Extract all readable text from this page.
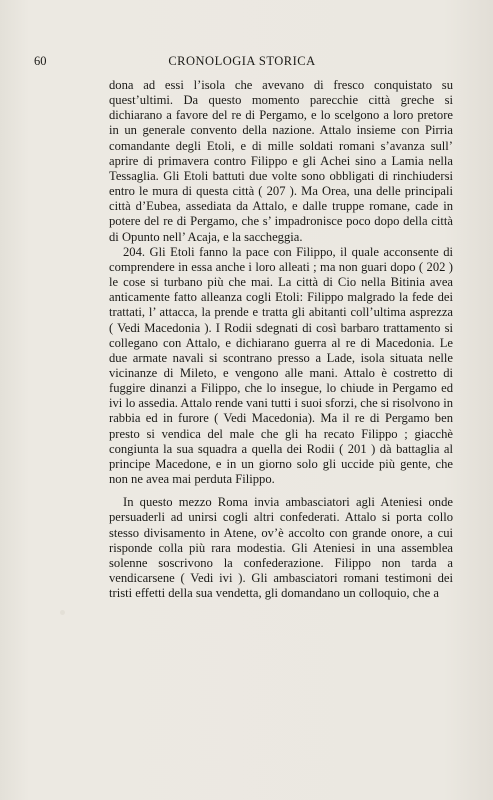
60	CRONOLOGIA STORICA

dona ad essi l’isola che avevano di fresco conquistato su quest’ultimi. Da questo momento parecchie città greche si dichiarano a favore del re di Pergamo, e lo scelgono a loro pretore in un generale convento della nazione. Attalo insieme con Pirria comandante degli Etoli, e di mille soldati romani s’avanza sull’ aprire di primavera contro Filippo e gli Achei sino a Lamia nella Tessaglia. Gli Etoli battuti due volte sono obbligati di rinchiudersi entro le mura di questa città ( 207 ). Ma Orea, una delle principali città d’Eubea, assediata da Attalo, e dalle truppe romane, cade in potere del re di Pergamo, che s’ impadronisce poco dopo della città di Opunto nell’ Acaja, e la saccheggia.

204. Gli Etoli fanno la pace con Filippo, il quale acconsente di comprendere in essa anche i loro alleati ; ma non guari dopo ( 202 ) le cose si turbano più che mai. La città di Cio nella Bitinia avea anticamente fatto alleanza cogli Etoli: Filippo malgrado la fede dei trattati, l’ attacca, la prende e tratta gli abitanti coll’ultima asprezza ( Vedi Macedonia ). I Rodii sdegnati di così barbaro trattamento si collegano con Attalo, e dichiarano guerra al re di Macedonia. Le due armate navali si scontrano presso a Lade, isola situata nelle vicinanze di Mileto, e vengono alle mani. Attalo è costretto di fuggire dinanzi a Filippo, che lo insegue, lo chiude in Pergamo ed ivi lo assedia. Attalo rende vani tutti i suoi sforzi, che si risolvono in rabbia ed in furore ( Vedi Macedonia). Ma il re di Pergamo ben presto si vendica del male che gli ha recato Filippo ; giacchè congiunta la sua squadra a quella dei Rodii ( 201 ) dà battaglia al principe Macedone, e in un giorno solo gli uccide più gente, che non ne avea mai perduta Filippo.

In questo mezzo Roma invia ambasciatori agli Ateniesi onde persuaderli ad unirsi cogli altri confederati. Attalo si porta collo stesso divisamento in Atene, ov’è accolto con grande onore, a cui risponde colla più rara modestia. Gli Ateniesi in una assemblea solenne soscrivono la confederazione. Filippo non tarda a vendicarsene ( Vedi ivi ). Gli ambasciatori romani testimoni dei tristi effetti della sua vendetta, gli domandano un colloquio, che a
